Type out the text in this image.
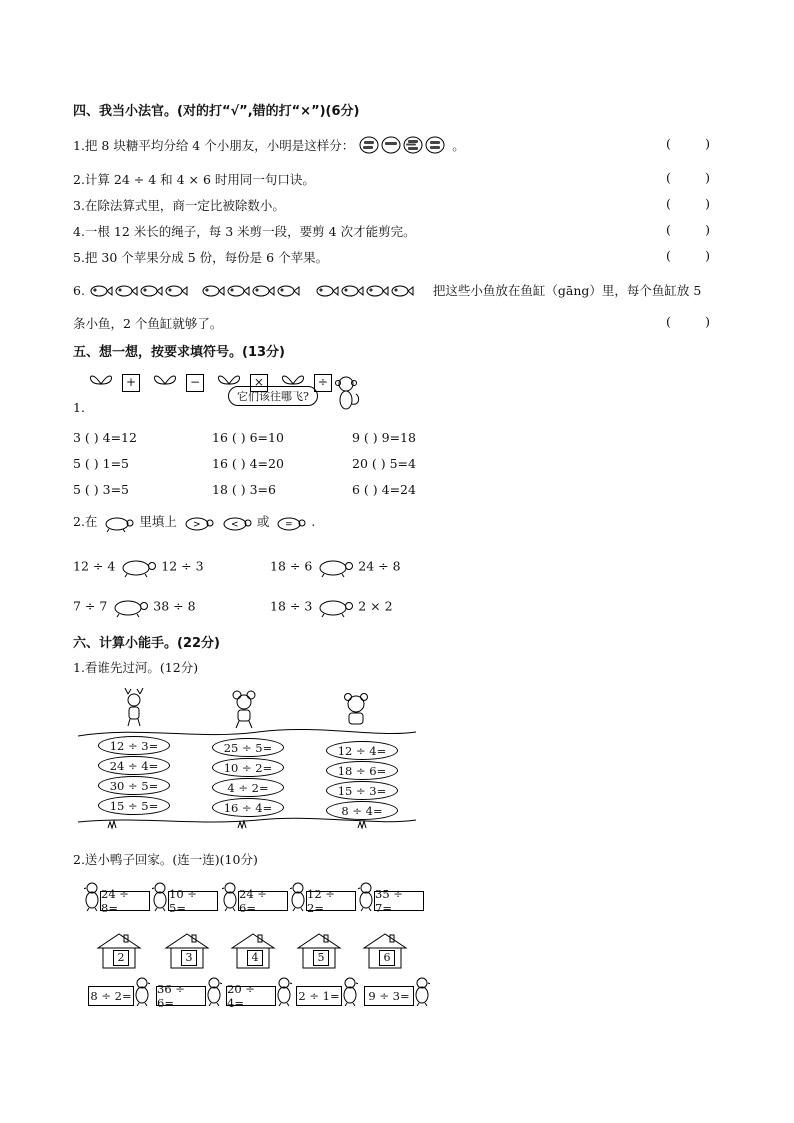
四、我当小法官。(对的打“√”,错的打“×”)(6分)
1.把 8 块糖平均分给 4 个小朋友，小明是这样分：	。	(	)
2.计算 24 ÷ 4 和 4 × 6 时用同一句口诀。	(	)
3.在除法算式里，商一定比被除数小。	(	)
4.一根 12 米长的绳子，每 3 米剪一段，要剪 4 次才能剪完。	(	)
5.把 30 个苹果分成 5 份，每份是 6 个苹果。	(	)
6.	把这些小鱼放在鱼缸（gāng）里，每个鱼缸放 5
条小鱼，2 个鱼缸就够了。	(	)
五、想一想，按要求填符号。(13分)
1.
+	−	×	÷
它们该往哪飞?
3 ( ) 4=12	16 ( ) 6=10	9 ( ) 9=18
5 ( ) 1=5	16 ( ) 4=20	20 ( ) 5=4
5 ( ) 3=5	18 ( ) 3=6	6 ( ) 4=24
2.在	里填上 >
	< 或 = .
12 ÷ 4	12 ÷ 3	18 ÷ 6	24 ÷ 8
7 ÷ 7	38 ÷ 8	18 ÷ 3	2 × 2
六、计算小能手。(22分)
1.看谁先过河。(12分)
12 ÷ 3=
24 ÷ 4=
30 ÷ 5=
15 ÷ 5=
25 ÷ 5=
10 ÷ 2=
4 ÷ 2=
16 ÷ 4=
12 ÷ 4=
18 ÷ 6=
15 ÷ 3=
8 ÷ 4=
2.送小鸭子回家。(连一连)(10分)
24 ÷ 8=
10 ÷ 5=
24 ÷ 6=
12 ÷ 2=
35 ÷ 7=
2	3	4	5	6
8 ÷ 2= 36 ÷ 6=
20 ÷ 4=	2 ÷ 1=	9 ÷ 3=
